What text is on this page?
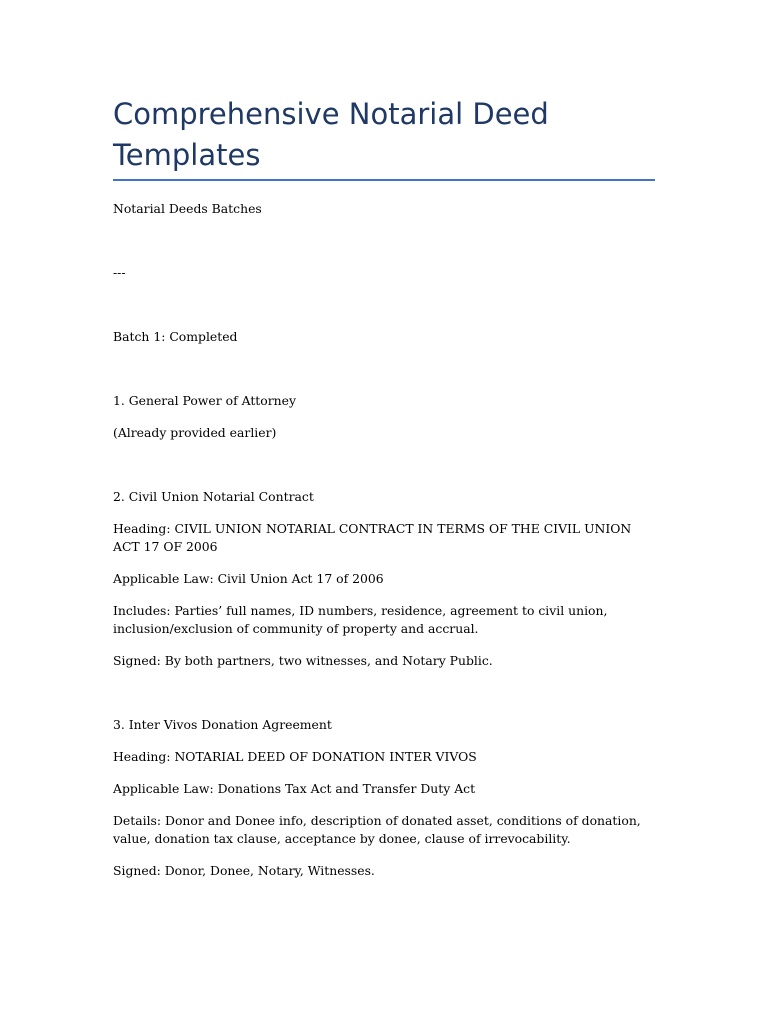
Comprehensive Notarial Deed Templates

Notarial Deeds Batches

---

Batch 1: Completed

1. General Power of Attorney

(Already provided earlier)

2. Civil Union Notarial Contract

Heading: CIVIL UNION NOTARIAL CONTRACT IN TERMS OF THE CIVIL UNION ACT 17 OF 2006

Applicable Law: Civil Union Act 17 of 2006

Includes: Parties’ full names, ID numbers, residence, agreement to civil union, inclusion/exclusion of community of property and accrual.

Signed: By both partners, two witnesses, and Notary Public.

3. Inter Vivos Donation Agreement

Heading: NOTARIAL DEED OF DONATION INTER VIVOS

Applicable Law: Donations Tax Act and Transfer Duty Act

Details: Donor and Donee info, description of donated asset, conditions of donation, value, donation tax clause, acceptance by donee, clause of irrevocability.

Signed: Donor, Donee, Notary, Witnesses.
